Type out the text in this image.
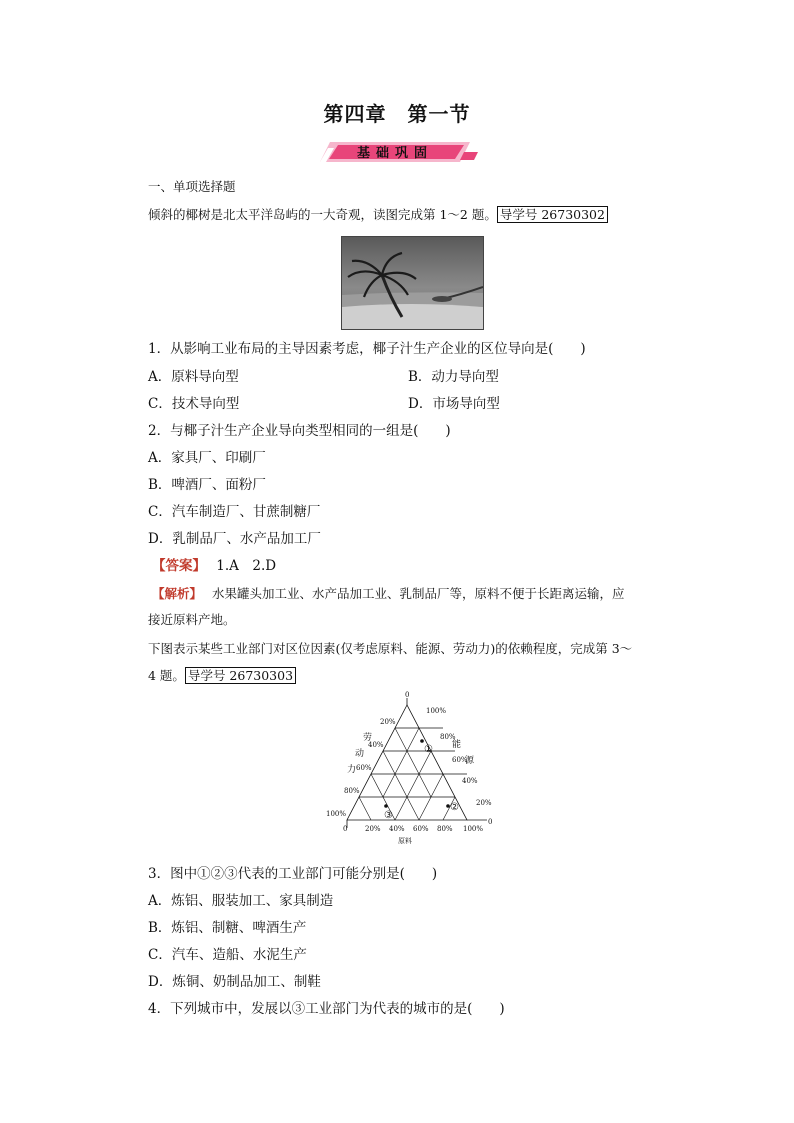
第四章　第一节
基础巩固
一、单项选择题
倾斜的椰树是北太平洋岛屿的一大奇观，读图完成第 1～2 题。 导学号 26730302
1．从影响工业布局的主导因素考虑，椰子汁生产企业的区位导向是(　　)
A．原料导向型	B．动力导向型
C．技术导向型	D．市场导向型
2．与椰子汁生产企业导向类型相同的一组是(　　)
A．家具厂、印刷厂
B．啤酒厂、面粉厂
C．汽车制造厂、甘蔗制糖厂
D．乳制品厂、水产品加工厂
【答案】 1.A　2.D
【解析】 水果罐头加工业、水产品加工业、乳制品厂等，原料不便于长距离运输，应
接近原料产地。
下图表示某些工业部门对区位因素(仅考虑原料、能源、劳动力)的依赖程度，完成第 3～
4 题。 导学号 26730303
0
20%
40%
60%
80%
100%
100%
80%
60%
40%
20%
0
0	20% 40% 60% 80% 100%
劳
动
力
能
源
原料
①
②
③
3．图中①②③代表的工业部门可能分别是(　　)
A．炼铝、服装加工、家具制造
B．炼铝、制糖、啤酒生产
C．汽车、造船、水泥生产
D．炼铜、奶制品加工、制鞋
4．下列城市中，发展以③工业部门为代表的城市的是(　　)
